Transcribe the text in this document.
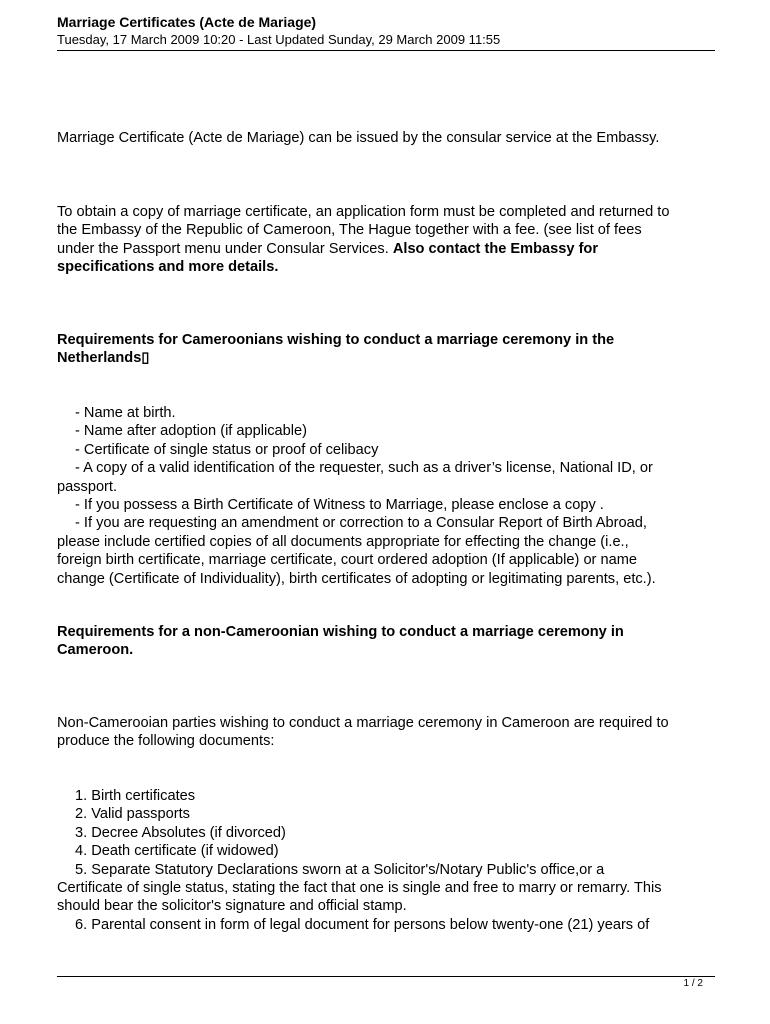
Marriage Certificates (Acte de Mariage)
Tuesday, 17 March 2009 10:20 - Last Updated Sunday, 29 March 2009 11:55
Marriage Certificate (Acte de Mariage) can be issued by the consular service at the Embassy.
To obtain a copy of marriage certificate, an application form must be completed and returned to
the Embassy of the Republic of Cameroon, The Hague together with a fee. (see list of fees
under the Passport menu under Consular Services. Also contact the Embassy for
specifications and more details.
Requirements for Cameroonians wishing to conduct a marriage ceremony in the
Netherlands▯
- Name at birth.
- Name after adoption (if applicable)
- Certificate of single status or proof of celibacy
- A copy of a valid identification of the requester, such as a driver’s license, National ID, or
passport.
- If you possess a Birth Certificate of Witness to Marriage, please enclose a copy .
- If you are requesting an amendment or correction to a Consular Report of Birth Abroad,
please include certified copies of all documents appropriate for effecting the change (i.e.,
foreign birth certificate, marriage certificate, court ordered adoption (If applicable) or name
change (Certificate of Individuality), birth certificates of adopting or legitimating parents, etc.).
Requirements for a non-Cameroonian wishing to conduct a marriage ceremony in
Cameroon.
Non-Camerooian parties wishing to conduct a marriage ceremony in Cameroon are required to
produce the following documents:
1. Birth certificates
2. Valid passports
3. Decree Absolutes (if divorced)
4. Death certificate (if widowed)
5. Separate Statutory Declarations sworn at a Solicitor's/Notary Public's office,or a
Certificate of single status, stating the fact that one is single and free to marry or remarry. This
should bear the solicitor's signature and official stamp.
6. Parental consent in form of legal document for persons below twenty-one (21) years of
1 / 2
